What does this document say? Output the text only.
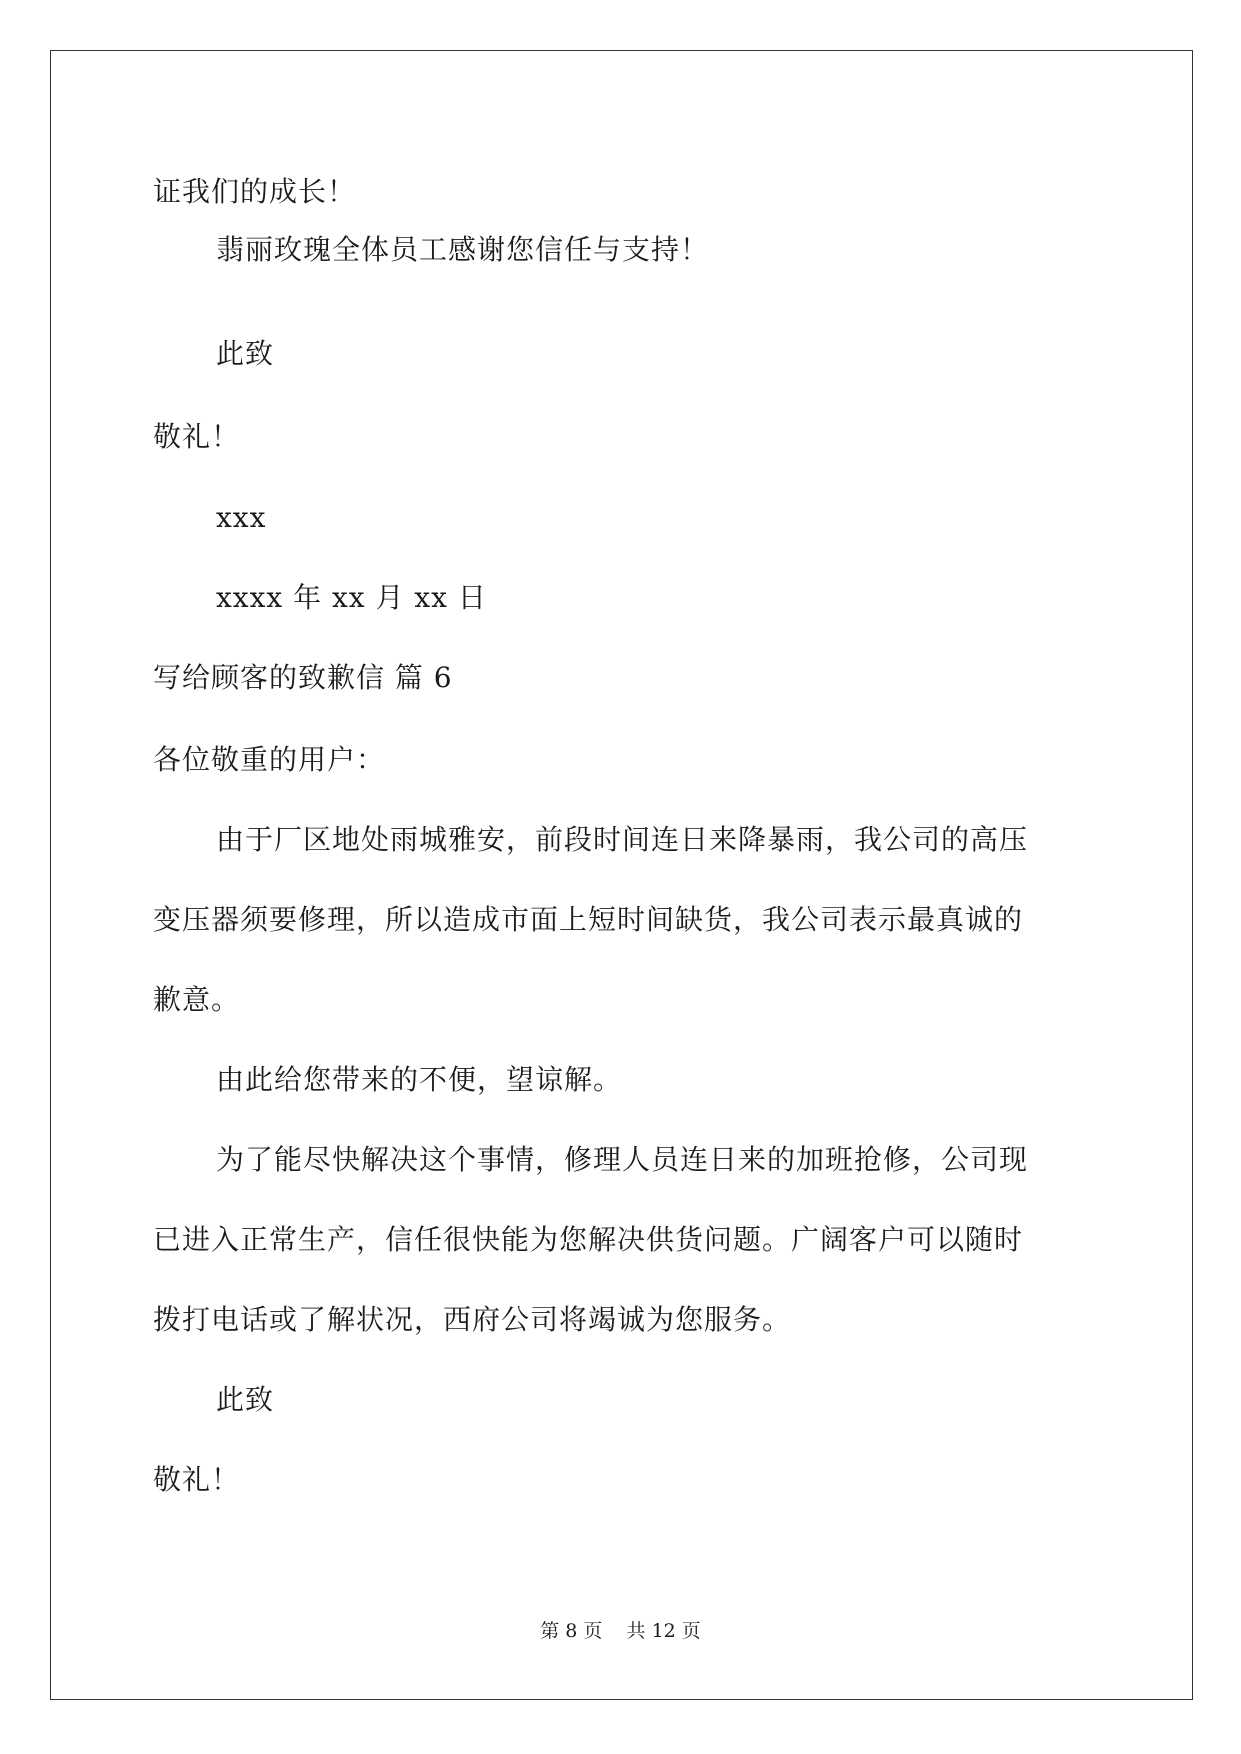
证我们的成长！
翡丽玫瑰全体员工感谢您信任与支持！
此致
敬礼！
xxx
xxxx 年 xx 月 xx 日
写给顾客的致歉信 篇 6
各位敬重的用户：
由于厂区地处雨城雅安，前段时间连日来降暴雨，我公司的高压
变压器须要修理，所以造成市面上短时间缺货，我公司表示最真诚的
歉意。
由此给您带来的不便，望谅解。
为了能尽快解决这个事情，修理人员连日来的加班抢修，公司现
已进入正常生产，信任很快能为您解决供货问题。广阔客户可以随时
拨打电话或了解状况，西府公司将竭诚为您服务。
此致
敬礼！
第 8 页    共 12 页
